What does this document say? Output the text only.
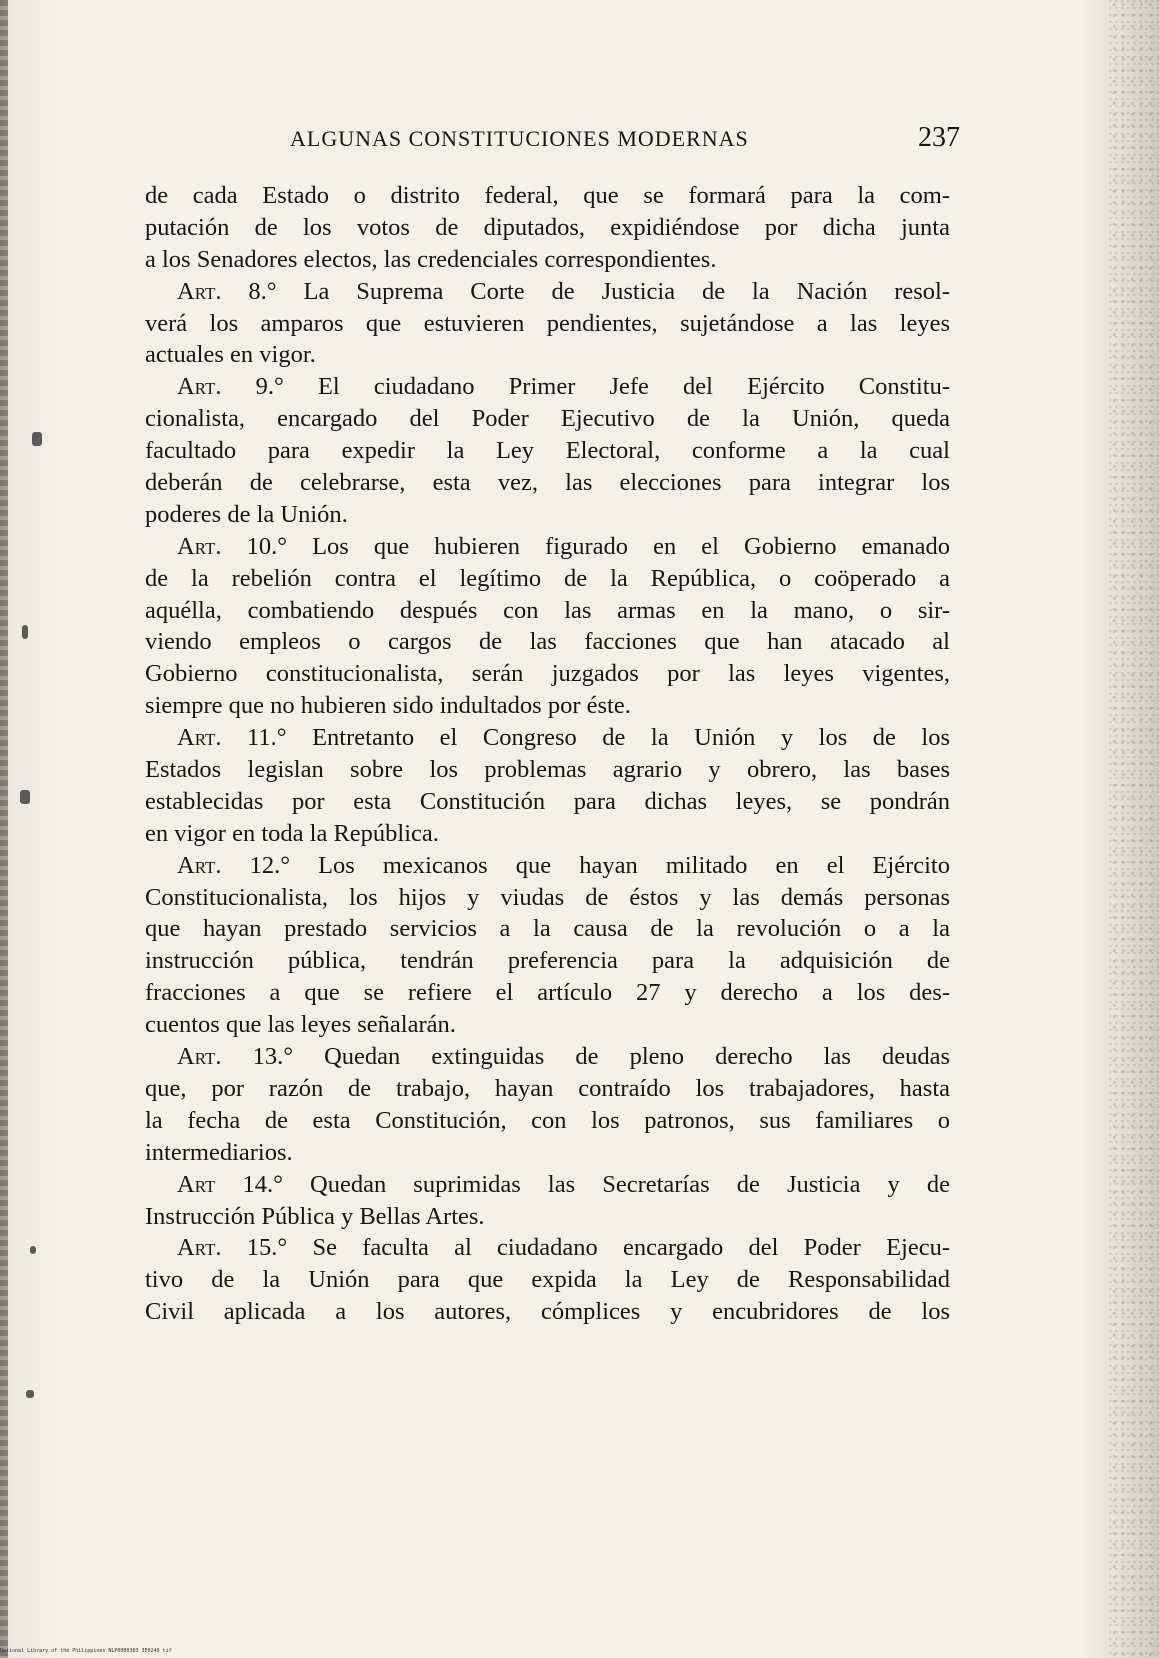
ALGUNAS CONSTITUCIONES MODERNAS	237
de cada Estado o distrito federal, que se formará para la com-
putación de los votos de diputados, expidiéndose por dicha junta
a los Senadores electos, las credenciales correspondientes.
Art. 8.° La Suprema Corte de Justicia de la Nación resol-
verá los amparos que estuvieren pendientes, sujetándose a las leyes
actuales en vigor.
Art. 9.° El ciudadano Primer Jefe del Ejército Constitu-
cionalista, encargado del Poder Ejecutivo de la Unión, queda
facultado para expedir la Ley Electoral, conforme a la cual
deberán de celebrarse, esta vez, las elecciones para integrar los
poderes de la Unión.
Art. 10.° Los que hubieren figurado en el Gobierno emanado
de la rebelión contra el legítimo de la República, o coöperado a
aquélla, combatiendo después con las armas en la mano, o sir-
viendo empleos o cargos de las facciones que han atacado al
Gobierno constitucionalista, serán juzgados por las leyes vigentes,
siempre que no hubieren sido indultados por éste.
Art. 11.° Entretanto el Congreso de la Unión y los de los
Estados legislan sobre los problemas agrario y obrero, las bases
establecidas por esta Constitución para dichas leyes, se pondrán
en vigor en toda la República.
Art. 12.° Los mexicanos que hayan militado en el Ejército
Constitucionalista, los hijos y viudas de éstos y las demás personas
que hayan prestado servicios a la causa de la revolución o a la
instrucción pública, tendrán preferencia para la adquisición de
fracciones a que se refiere el artículo 27 y derecho a los des-
cuentos que las leyes señalarán.
Art. 13.° Quedan extinguidas de pleno derecho las deudas
que, por razón de trabajo, hayan contraído los trabajadores, hasta
la fecha de esta Constitución, con los patronos, sus familiares o
intermediarios.
Art 14.° Quedan suprimidas las Secretarías de Justicia y de
Instrucción Pública y Bellas Artes.
Art. 15.° Se faculta al ciudadano encargado del Poder Ejecu-
tivo de la Unión para que expida la Ley de Responsabilidad
Civil aplicada a los autores, cómplices y encubridores de los
National Library of the Philippines NLP00B0303 3E0240 tif
